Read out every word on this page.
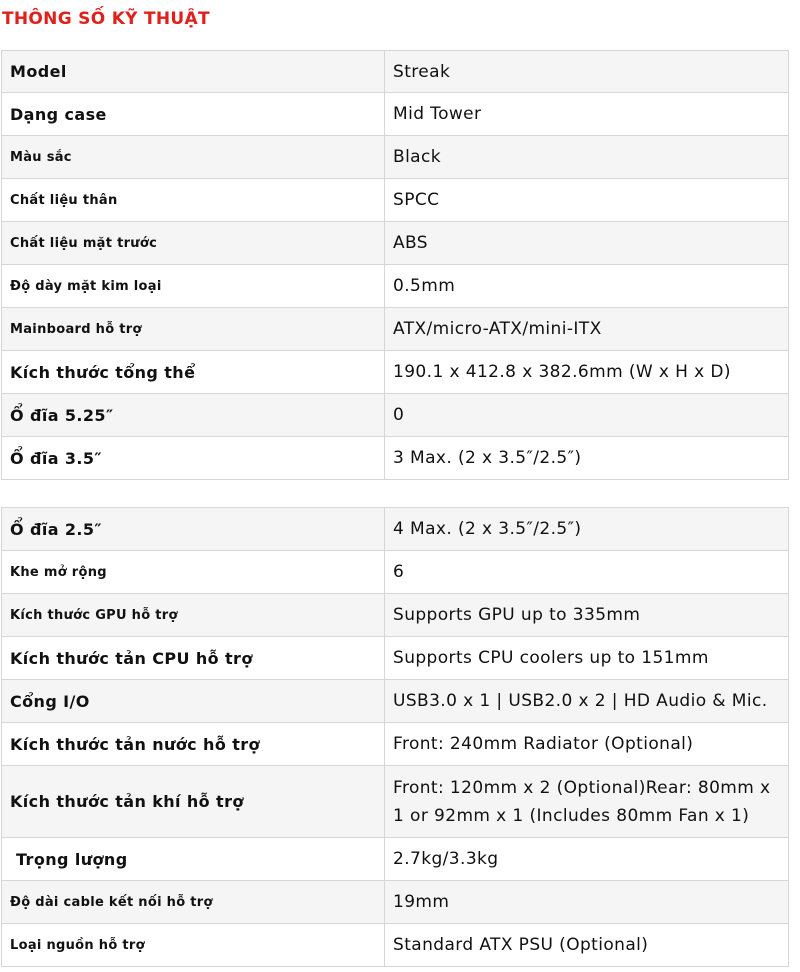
THÔNG SỐ KỸ THUẬT
Model	Streak
Dạng case	Mid Tower
Màu sắc	Black
Chất liệu thân	SPCC
Chất liệu mặt trước	ABS
Độ dày mặt kim loại	0.5mm
Mainboard hỗ trợ	ATX/micro-ATX/mini-ITX
Kích thước tổng thể	190.1 x 412.8 x 382.6mm (W x H x D)
Ổ đĩa 5.25″	0
Ổ đĩa 3.5″	3 Max. (2 x 3.5″/2.5″)
Ổ đĩa 2.5″	4 Max. (2 x 3.5″/2.5″)
Khe mở rộng	6
Kích thước GPU hỗ trợ	Supports GPU up to 335mm
Kích thước tản CPU hỗ trợ	Supports CPU coolers up to 151mm
Cổng I/O	USB3.0 x 1 | USB2.0 x 2 | HD Audio & Mic.
Kích thước tản nước hỗ trợ	Front: 240mm Radiator (Optional)
Kích thước tản khí hỗ trợ	Front: 120mm x 2 (Optional)Rear: 80mm x 1 or 92mm x 1 (Includes 80mm Fan x 1)
Trọng lượng	2.7kg/3.3kg
Độ dài cable kết nối hỗ trợ	19mm
Loại nguồn hỗ trợ	Standard ATX PSU (Optional)
